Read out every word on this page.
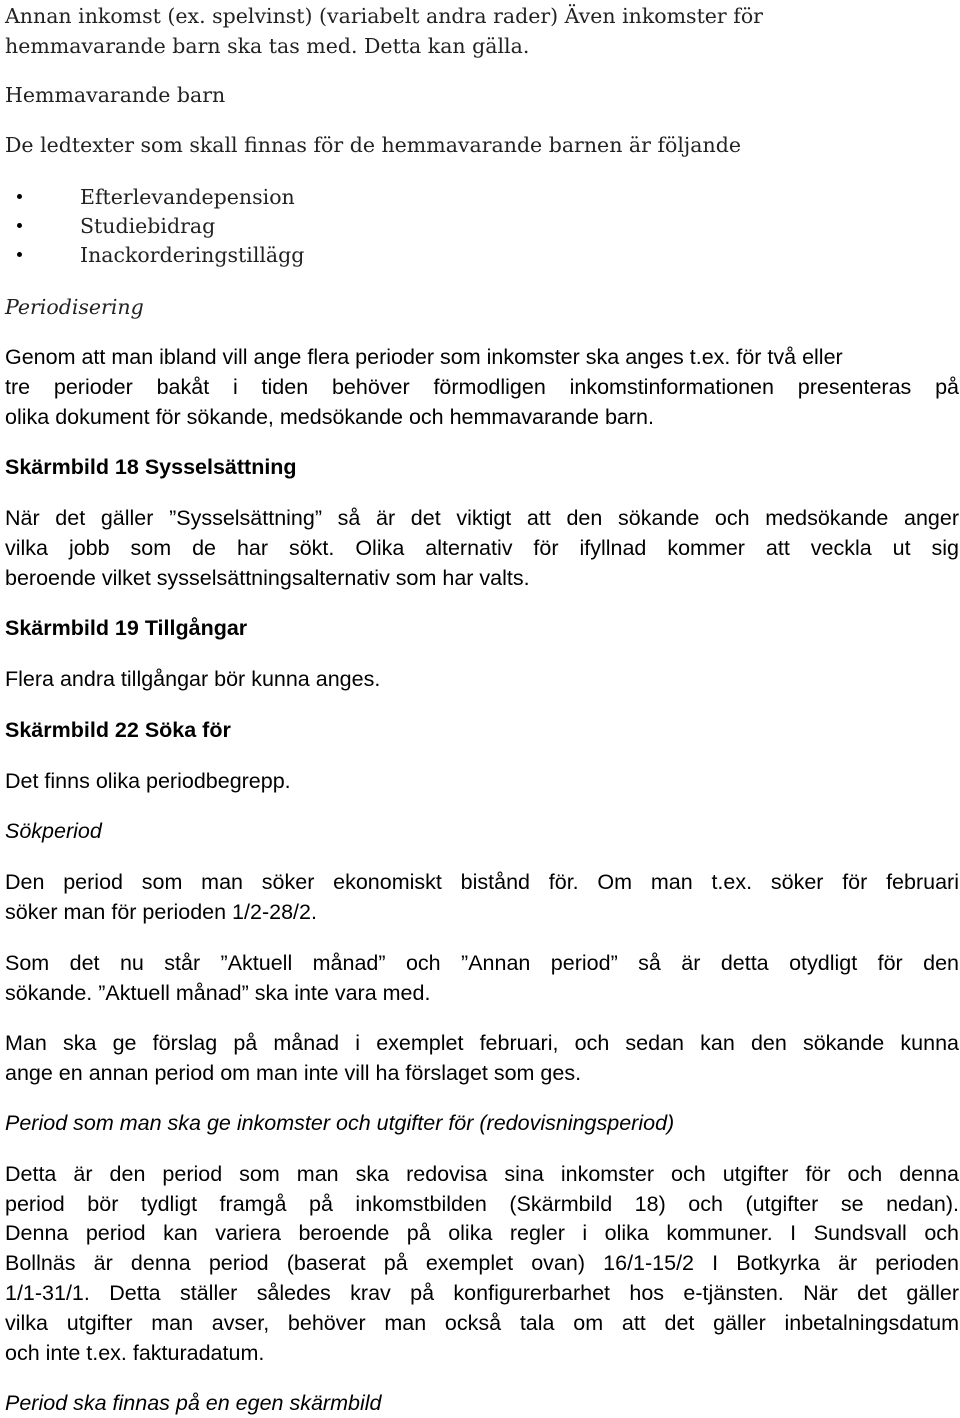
Annan inkomst (ex. spelvinst) (variabelt andra rader) Även inkomster för
hemmavarande barn ska tas med. Detta kan gälla.
Hemmavarande barn
De ledtexter som skall finnas för de hemmavarande barnen är följande
Efterlevandepension
Studiebidrag
Inackorderingstillägg
Periodisering
Genom att man ibland vill ange flera perioder som inkomster ska anges t.ex. för två eller
tre perioder bakåt i tiden behöver förmodligen inkomstinformationen presenteras på
olika dokument för sökande, medsökande och hemmavarande barn.
Skärmbild 18 Sysselsättning
När det gäller ”Sysselsättning” så är det viktigt att den sökande och medsökande anger
vilka jobb som de har sökt. Olika alternativ för ifyllnad kommer att veckla ut sig
beroende vilket sysselsättningsalternativ som har valts.
Skärmbild 19 Tillgångar
Flera andra tillgångar bör kunna anges.
Skärmbild 22 Söka för
Det finns olika periodbegrepp.
Sökperiod
Den period som man söker ekonomiskt bistånd för. Om man t.ex. söker för februari
söker man för perioden 1/2-28/2.
Som det nu står ”Aktuell månad” och ”Annan period” så är detta otydligt för den
sökande. ”Aktuell månad” ska inte vara med.
Man ska ge förslag på månad i exemplet februari, och sedan kan den sökande kunna
ange en annan period om man inte vill ha förslaget som ges.
Period som man ska ge inkomster och utgifter för (redovisningsperiod)
Detta är den period som man ska redovisa sina inkomster och utgifter för och denna
period bör tydligt framgå på inkomstbilden (Skärmbild 18) och (utgifter se nedan).
Denna period kan variera beroende på olika regler i olika kommuner. I Sundsvall och
Bollnäs är denna period (baserat på exemplet ovan) 16/1-15/2 I Botkyrka är perioden
1/1-31/1. Detta ställer således krav på konfigurerbarhet hos e-tjänsten. När det gäller
vilka utgifter man avser, behöver man också tala om att det gäller inbetalningsdatum
och inte t.ex. fakturadatum.
Period ska finnas på en egen skärmbild
